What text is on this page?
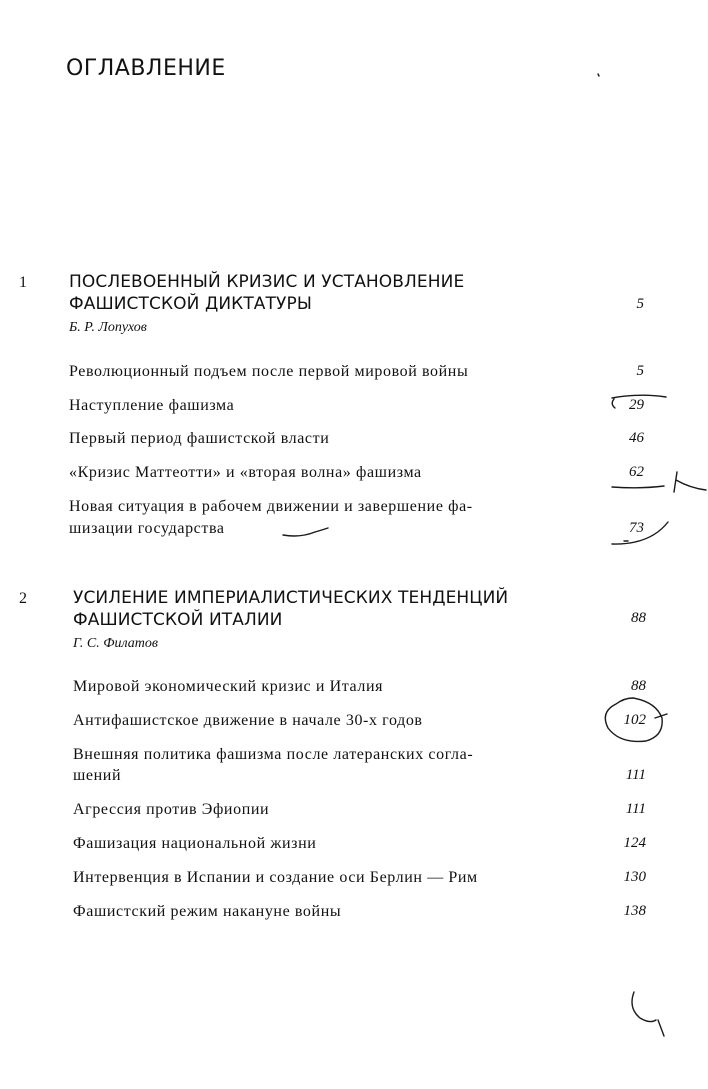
ОГЛАВЛЕНИЕ
1 ПОСЛЕВОЕННЫЙ КРИЗИС И УСТАНОВЛЕНИЕ
ФАШИСТСКОЙ ДИКТАТУРЫ	5
Б. Р. Лопухов
Революционный подъем после первой мировой войны	5
Наступление фашизма	29
Первый период фашистской власти	46
«Кризис Маттеотти» и «вторая волна» фашизма	62
Новая ситуация в рабочем движении и завершение фа-
шизации государства	73
2	УСИЛЕНИЕ ИМПЕРИАЛИСТИЧЕСКИХ ТЕНДЕНЦИЙ
ФАШИСТСКОЙ ИТАЛИИ	88
Г. С. Филатов
Мировой экономический кризис и Италия	88
Антифашистское движение в начале 30-х годов	102
Внешняя политика фашизма после латеранских согла-
шений	111
Агрессия против Эфиопии	111
Фашизация национальной жизни	124
Интервенция в Испании и создание оси Берлин — Рим	130
Фашистский режим накануне войны	138
